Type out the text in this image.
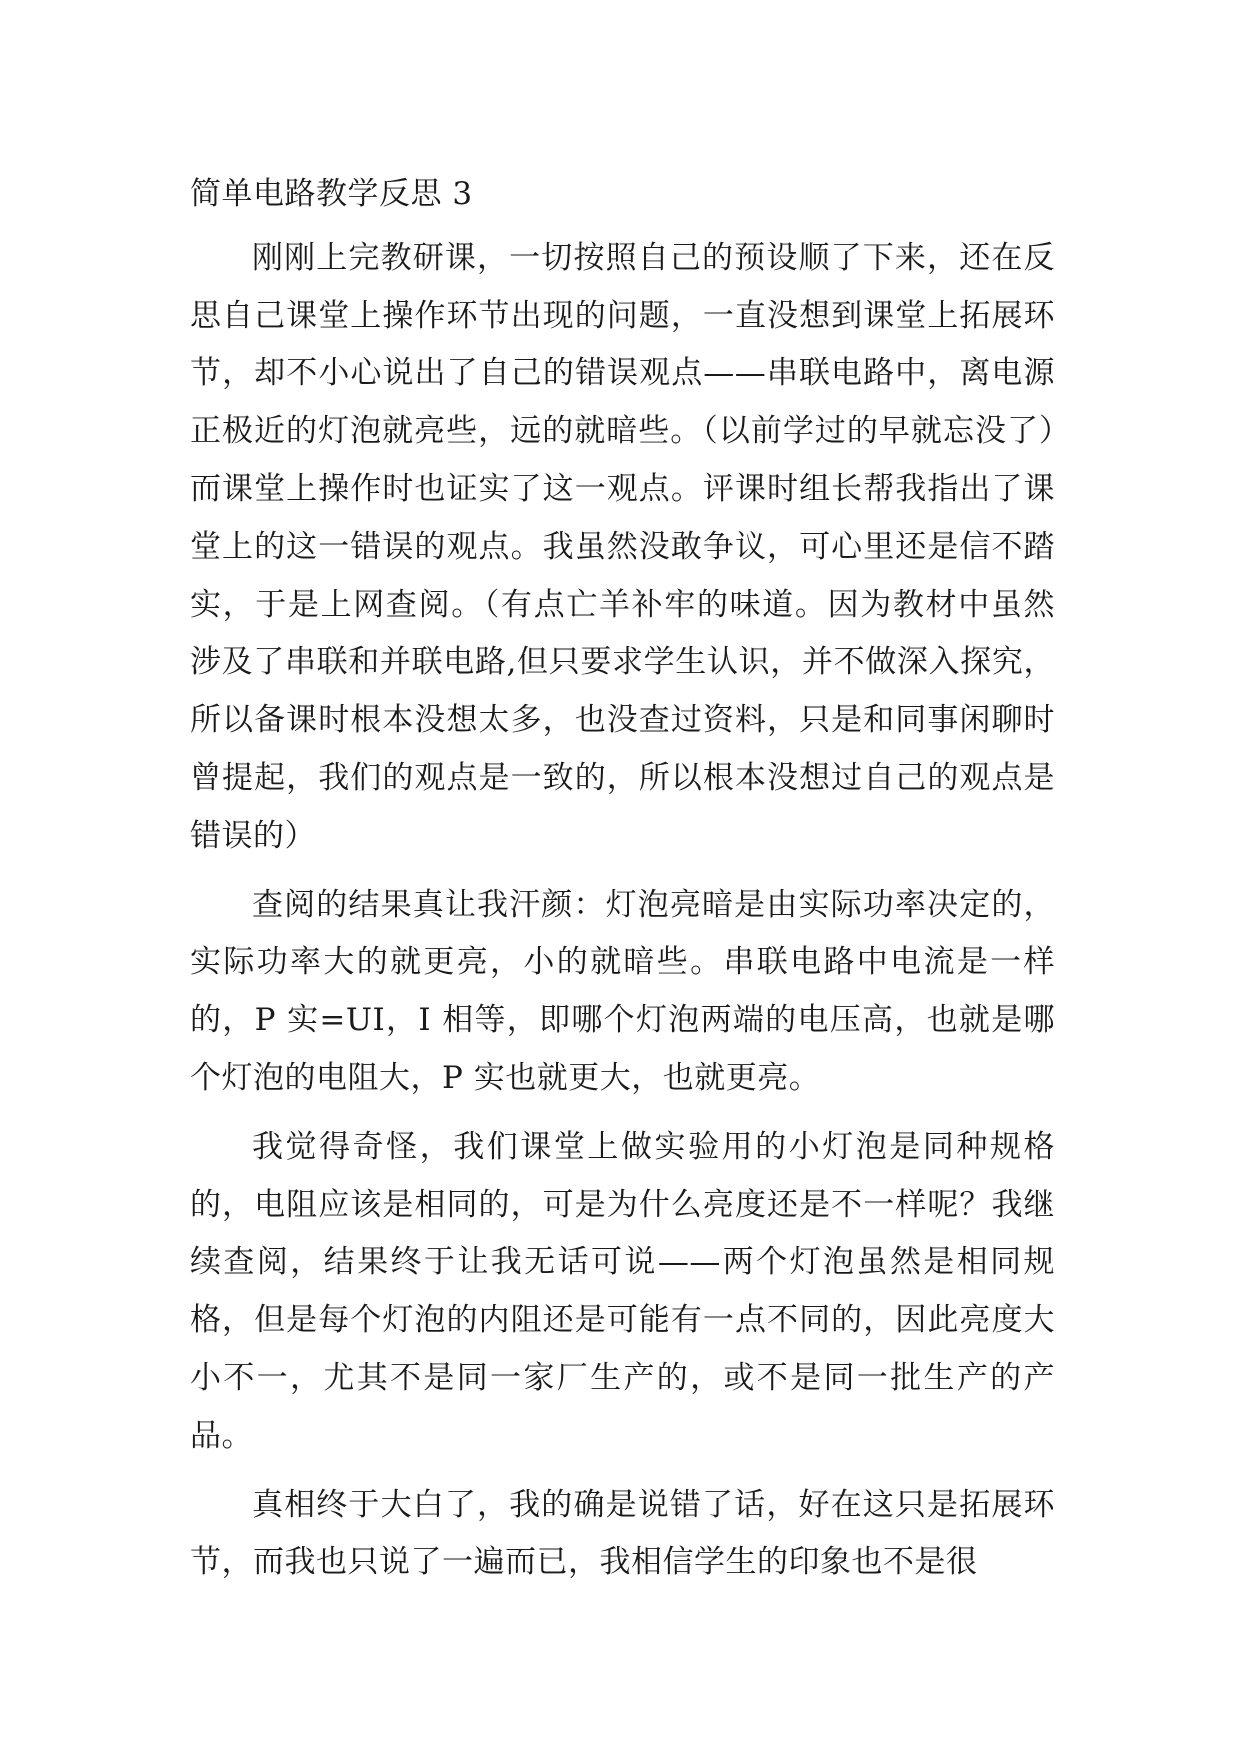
简单电路教学反思 3

刚刚上完教研课，一切按照自己的预设顺了下来，还在反思自己课堂上操作环节出现的问题，一直没想到课堂上拓展环节，却不小心说出了自己的错误观点——串联电路中，离电源正极近的灯泡就亮些，远的就暗些。（以前学过的早就忘没了）而课堂上操作时也证实了这一观点。评课时组长帮我指出了课堂上的这一错误的观点。我虽然没敢争议，可心里还是信不踏实，于是上网查阅。（有点亡羊补牢的味道。因为教材中虽然涉及了串联和并联电路,但只要求学生认识，并不做深入探究，所以备课时根本没想太多，也没查过资料，只是和同事闲聊时曾提起，我们的观点是一致的，所以根本没想过自己的观点是错误的）

查阅的结果真让我汗颜：灯泡亮暗是由实际功率决定的，实际功率大的就更亮，小的就暗些。串联电路中电流是一样的，P 实=UI，I 相等，即哪个灯泡两端的电压高，也就是哪个灯泡的电阻大，P 实也就更大，也就更亮。

我觉得奇怪，我们课堂上做实验用的小灯泡是同种规格的，电阻应该是相同的，可是为什么亮度还是不一样呢？我继续查阅，结果终于让我无话可说——两个灯泡虽然是相同规格，但是每个灯泡的内阻还是可能有一点不同的，因此亮度大小不一，尤其不是同一家厂生产的，或不是同一批生产的产品。

真相终于大白了，我的确是说错了话，好在这只是拓展环节，而我也只说了一遍而已，我相信学生的印象也不是很
